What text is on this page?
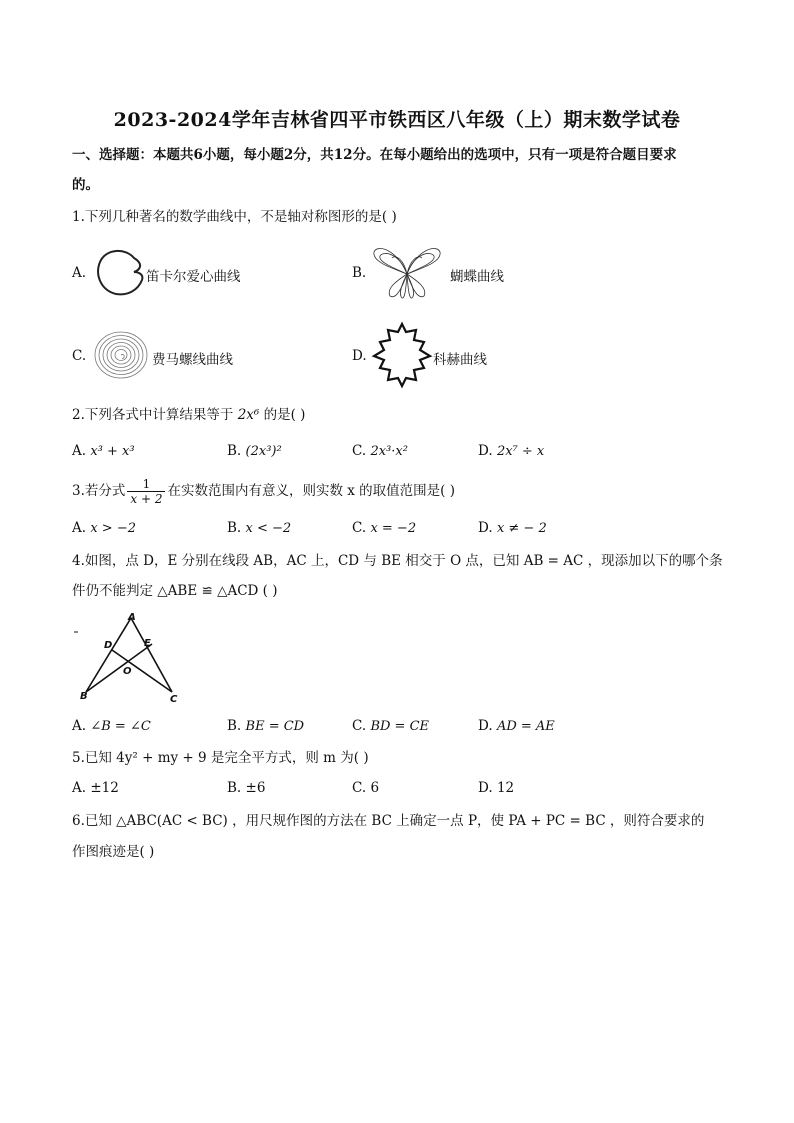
2023-2024学年吉林省四平市铁西区八年级（上）期末数学试卷
一、选择题：本题共6小题，每小题2分，共12分。在每小题给出的选项中，只有一项是符合题目要求
的。
1.下列几种著名的数学曲线中，不是轴对称图形的是( )
A.	笛卡尔爱心曲线	B.	蝴蝶曲线
C.	费马螺线曲线	D.	科赫曲线
2.下列各式中计算结果等于 2x⁶ 的是( )
A. x³ + x³	B. (2x³)²	C. 2x³·x²	D. 2x⁷ ÷ x
3.若分式 $\frac{1}{x + 2}$ 在实数范围内有意义，则实数 x 的取值范围是( )
A. x > −2	B. x < −2	C. x = −2	D. x ≠ − 2
4.如图，点 D，E 分别在线段 AB，AC 上，CD 与 BE 相交于 O 点，已知 AB = AC ，现添加以下的哪个条
件仍不能判定 △ABE ≌ △ACD ( )
A
D	E
O
B	C
A. ∠B = ∠C	B. BE = CD	C. BD = CE	D. AD = AE
5.已知 4y² + my + 9 是完全平方式，则 m 为( )
A. ±12	B. ±6	C. 6	D. 12
6.已知 △ABC(AC < BC) ，用尺规作图的方法在 BC 上确定一点 P，使 PA + PC = BC ，则符合要求的
作图痕迹是( )
